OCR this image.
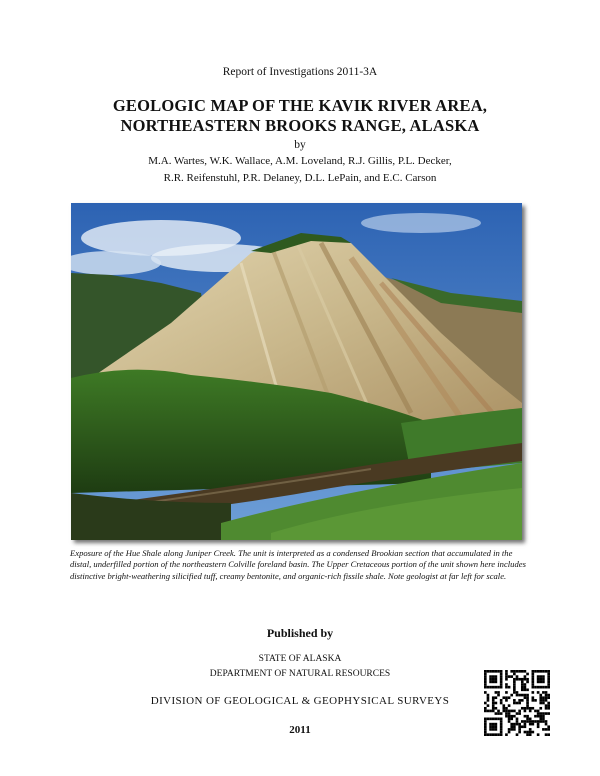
Report of Investigations 2011-3A
GEOLOGIC MAP OF THE KAVIK RIVER AREA,
NORTHEASTERN BROOKS RANGE, ALASKA
by
M.A. Wartes, W.K. Wallace, A.M. Loveland, R.J. Gillis, P.L. Decker,
R.R. Reifenstuhl, P.R. Delaney, D.L. LePain, and E.C. Carson
Exposure of the Hue Shale along Juniper Creek. The unit is interpreted as a condensed Brookian section that accumulated in the distal, underfilled portion of the northeastern Colville foreland basin. The Upper Cretaceous portion of the unit shown here includes distinctive bright-weathering silicified tuff, creamy bentonite, and organic-rich fissile shale. Note geologist at far left for scale.
Published by
STATE OF ALASKA
DEPARTMENT OF NATURAL RESOURCES
DIVISION OF GEOLOGICAL & GEOPHYSICAL SURVEYS
2011
